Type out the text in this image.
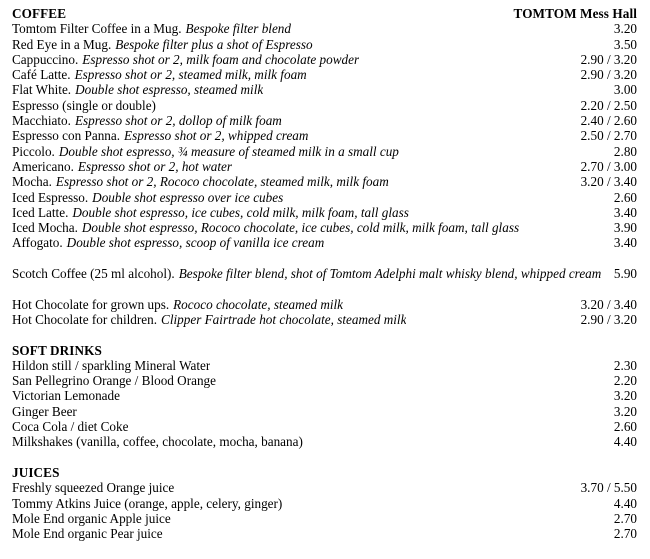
COFFEE	TOMTOM Mess Hall
Tomtom Filter Coffee in a Mug. Bespoke filter blend	3.20
Red Eye in a Mug. Bespoke filter plus a shot of Espresso	3.50
Cappuccino. Espresso shot or 2, milk foam and chocolate powder	2.90 / 3.20
Café Latte. Espresso shot or 2, steamed milk, milk foam	2.90 / 3.20
Flat White. Double shot espresso, steamed milk	3.00
Espresso (single or double)	2.20 / 2.50
Macchiato. Espresso shot or 2, dollop of milk foam	2.40 / 2.60
Espresso con Panna. Espresso shot or 2, whipped cream	2.50 / 2.70
Piccolo. Double shot espresso, ¾ measure of steamed milk in a small cup	2.80
Americano. Espresso shot or 2, hot water	2.70 / 3.00
Mocha. Espresso shot or 2, Rococo chocolate, steamed milk, milk foam	3.20 / 3.40
Iced Espresso. Double shot espresso over ice cubes	2.60
Iced Latte. Double shot espresso, ice cubes, cold milk, milk foam, tall glass	3.40
Iced Mocha. Double shot espresso, Rococo chocolate, ice cubes, cold milk, milk foam, tall glass	3.90
Affogato. Double shot espresso, scoop of vanilla ice cream	3.40
Scotch Coffee (25 ml alcohol). Bespoke filter blend, shot of Tomtom Adelphi malt whisky blend, whipped cream 5.90
Hot Chocolate for grown ups. Rococo chocolate, steamed milk	3.20 / 3.40
Hot Chocolate for children. Clipper Fairtrade hot chocolate, steamed milk	2.90 / 3.20
SOFT DRINKS
Hildon still / sparkling Mineral Water	2.30
San Pellegrino Orange / Blood Orange	2.20
Victorian Lemonade	3.20
Ginger Beer	3.20
Coca Cola / diet Coke	2.60
Milkshakes (vanilla, coffee, chocolate, mocha, banana)	4.40
JUICES
Freshly squeezed Orange juice	3.70 / 5.50
Tommy Atkins Juice (orange, apple, celery, ginger)	4.40
Mole End organic Apple juice	2.70
Mole End organic Pear juice	2.70
